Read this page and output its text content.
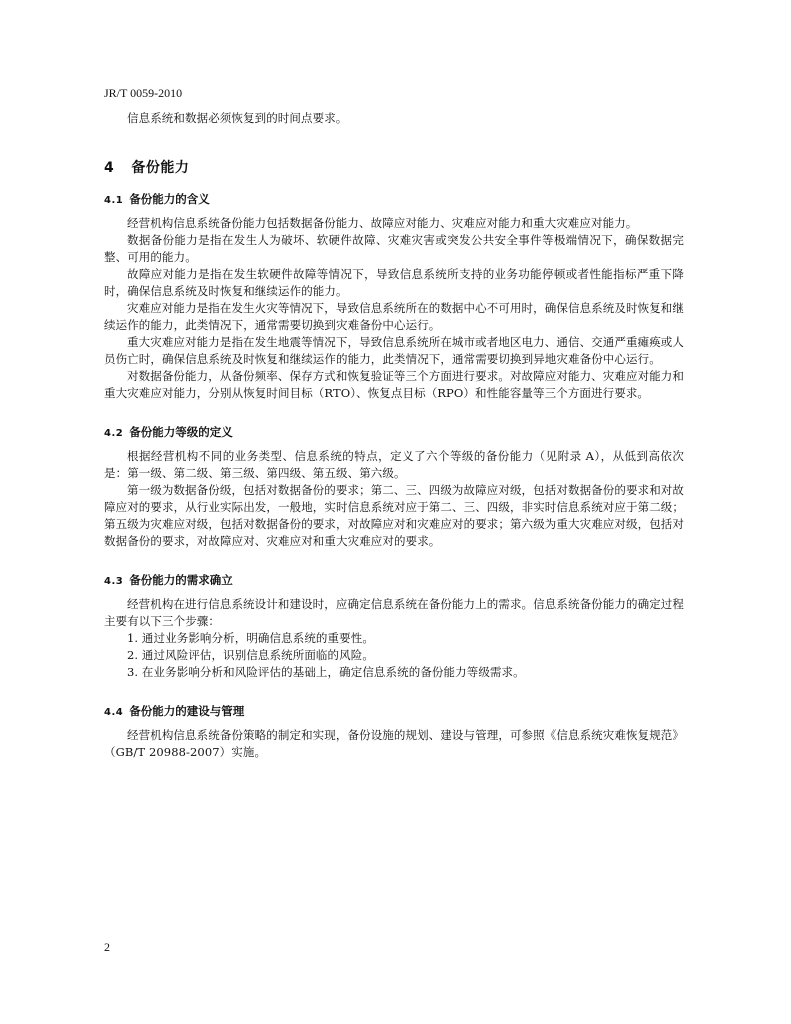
JR/T 0059-2010

信息系统和数据必须恢复到的时间点要求。

4 备份能力
4.1 备份能力的含义

经营机构信息系统备份能力包括数据备份能力、故障应对能力、灾难应对能力和重大灾难应对能力。

数据备份能力是指在发生人为破坏、软硬件故障、灾难灾害或突发公共安全事件等极端情况下，确保数据完整、可用的能力。

故障应对能力是指在发生软硬件故障等情况下，导致信息系统所支持的业务功能停顿或者性能指标严重下降时，确保信息系统及时恢复和继续运作的能力。

灾难应对能力是指在发生火灾等情况下，导致信息系统所在的数据中心不可用时，确保信息系统及时恢复和继续运作的能力，此类情况下，通常需要切换到灾难备份中心运行。

重大灾难应对能力是指在发生地震等情况下，导致信息系统所在城市或者地区电力、通信、交通严重瘫痪或人员伤亡时，确保信息系统及时恢复和继续运作的能力，此类情况下，通常需要切换到异地灾难备份中心运行。

对数据备份能力，从备份频率、保存方式和恢复验证等三个方面进行要求。对故障应对能力、灾难应对能力和重大灾难应对能力，分别从恢复时间目标（RTO）、恢复点目标（RPO）和性能容量等三个方面进行要求。

4.2 备份能力等级的定义

根据经营机构不同的业务类型、信息系统的特点，定义了六个等级的备份能力（见附录 A），从低到高依次是：第一级、第二级、第三级、第四级、第五级、第六级。

第一级为数据备份级，包括对数据备份的要求；第二、三、四级为故障应对级，包括对数据备份的要求和对故障应对的要求，从行业实际出发，一般地，实时信息系统对应于第二、三、四级，非实时信息系统对应于第二级；第五级为灾难应对级，包括对数据备份的要求，对故障应对和灾难应对的要求；第六级为重大灾难应对级，包括对数据备份的要求，对故障应对、灾难应对和重大灾难应对的要求。

4.3 备份能力的需求确立

经营机构在进行信息系统设计和建设时，应确定信息系统在备份能力上的需求。信息系统备份能力的确定过程主要有以下三个步骤：

1. 通过业务影响分析，明确信息系统的重要性。

2. 通过风险评估，识别信息系统所面临的风险。

3. 在业务影响分析和风险评估的基础上，确定信息系统的备份能力等级需求。

4.4 备份能力的建设与管理

经营机构信息系统备份策略的制定和实现，备份设施的规划、建设与管理，可参照《信息系统灾难恢复规范》（GB/T 20988-2007）实施。

2
